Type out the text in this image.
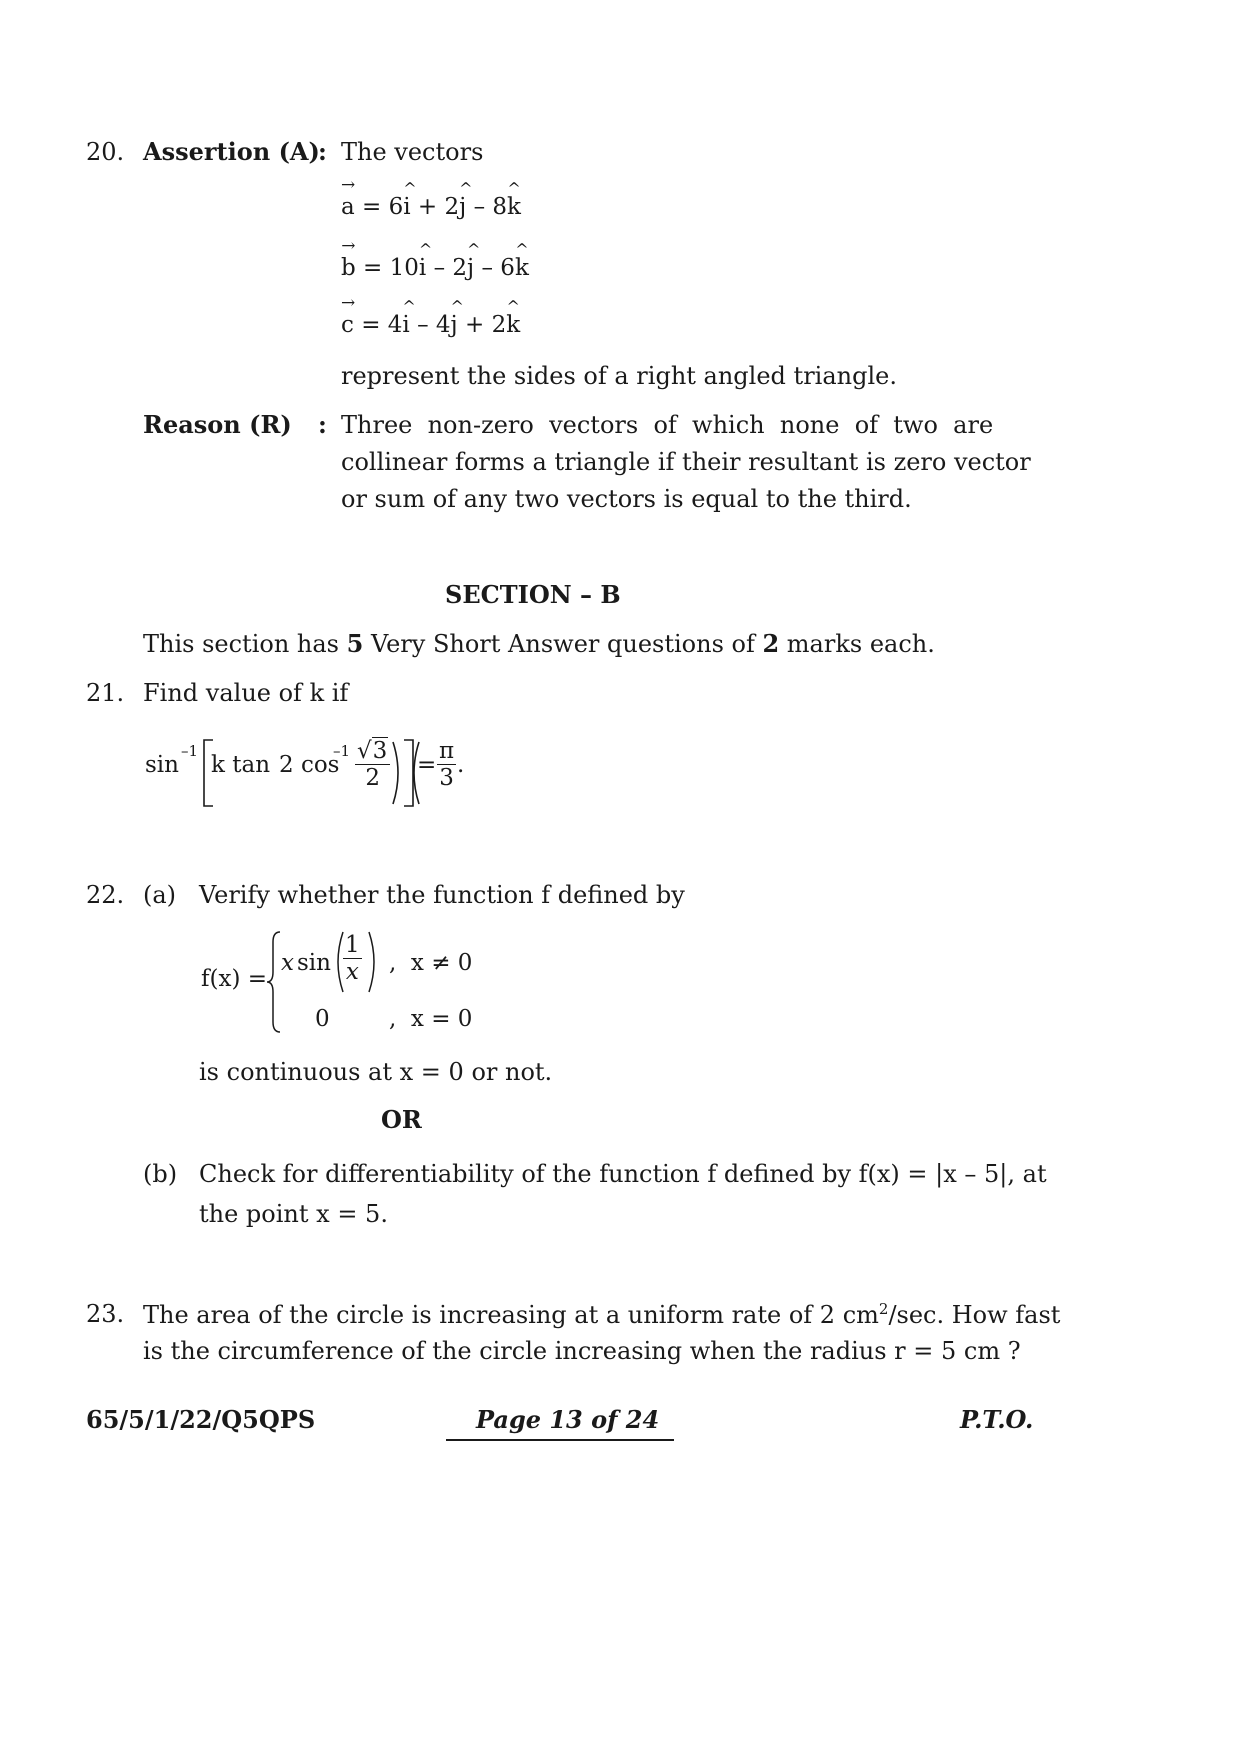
20. Assertion (A)
: The vectors
→ a = 6^ i + 2^ j – 8^ k
→ b = 10^ i – 2^ j – 6^ k
→ c = 4^ i – 4^ j + 2^ k
represent the sides of a right angled triangle.
Reason (R) : Three  non-zero  vectors  of  which  none  of  two  are
collinear forms a triangle if their resultant is zero vector
or sum of any two vectors is equal to the third.
SECTION – B
This section has 5 Very Short Answer questions of 2 marks each.
21. Find value of k if
sin
–1
k tan 2 cos
$-1 \frac{√3}{2} = \frac{\pi}{3}$ .
22. (a) Verify whether the function f defined by
f(x) =
x $\sin \frac{1}{x}$ ,  x ≠ 0
0	,  x = 0
is continuous at x = 0 or not.
OR
(b) Check for differentiability of the function f defined by f(x) = |x – 5|, at
the point x = 5.
23. The area of the circle is increasing at a uniform rate of 2 $cm^2/\sec$. How fast
is the circumference of the circle increasing when the radius r = 5 cm ?
65/5/1/22/Q5QPS	Page 13 of 24	P.T.O.
